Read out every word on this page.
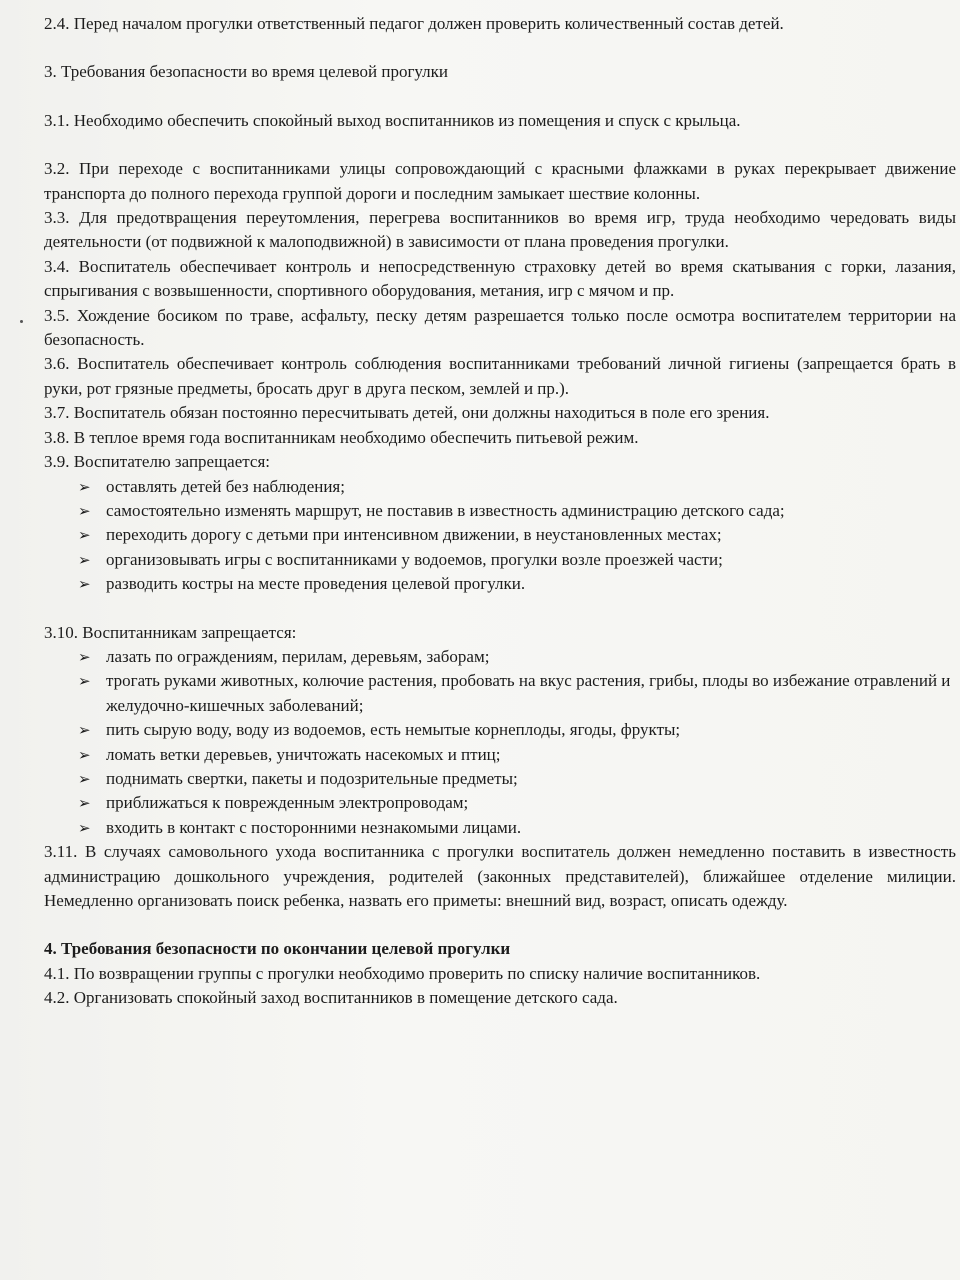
2.4. Перед началом прогулки ответственный педагог должен проверить количественный состав детей.

3. Требования безопасности во время целевой прогулки

3.1. Необходимо обеспечить спокойный выход воспитанников из помещения и спуск с крыльца.

3.2. При переходе с воспитанниками улицы сопровождающий с красными флажками в руках перекрывает движение транспорта до полного перехода группой дороги и последним замыкает шествие колонны.

3.3. Для предотвращения переутомления, перегрева воспитанников во время игр, труда необходимо чередовать виды деятельности (от подвижной к малоподвижной) в зависимости от плана проведения прогулки.

3.4. Воспитатель обеспечивает контроль и непосредственную страховку детей во время скатывания с горки, лазания, спрыгивания с возвышенности, спортивного оборудования, метания, игр с мячом и пр.

3.5. Хождение босиком по траве, асфальту, песку детям разрешается только после осмотра воспитателем территории на безопасность.

3.6. Воспитатель обеспечивает контроль соблюдения воспитанниками требований личной гигиены (запрещается брать в руки, рот грязные предметы, бросать друг в друга песком, землей и пр.).

3.7. Воспитатель обязан постоянно пересчитывать детей, они должны находиться в поле его зрения.

3.8. В теплое время года воспитанникам необходимо обеспечить питьевой режим.

3.9. Воспитателю запрещается:

➢ оставлять детей без наблюдения;
➢ самостоятельно изменять маршрут, не поставив в известность администрацию детского сада;
➢ переходить дорогу с детьми при интенсивном движении, в неустановленных местах;
➢ организовывать игры с воспитанниками у водоемов, прогулки возле проезжей части;
➢ разводить костры на месте проведения целевой прогулки.

3.10. Воспитанникам запрещается:

➢ лазать по ограждениям, перилам, деревьям, заборам;
➢ трогать руками животных, колючие растения, пробовать на вкус растения, грибы, плоды во избежание отравлений и желудочно-кишечных заболеваний;
➢ пить сырую воду, воду из водоемов, есть немытые корнеплоды, ягоды, фрукты;
➢ ломать ветки деревьев, уничтожать насекомых и птиц;
➢ поднимать свертки, пакеты и подозрительные предметы;
➢ приближаться к поврежденным электропроводам;
➢ входить в контакт с посторонними незнакомыми лицами.

3.11. В случаях самовольного ухода воспитанника с прогулки воспитатель должен немедленно поставить в известность администрацию дошкольного учреждения, родителей (законных представителей), ближайшее отделение милиции. Немедленно организовать поиск ребенка, назвать его приметы: внешний вид, возраст, описать одежду.

4. Требования безопасности по окончании целевой прогулки

4.1. По возвращении группы с прогулки необходимо проверить по списку наличие воспитанников.

4.2. Организовать спокойный заход воспитанников в помещение детского сада.
